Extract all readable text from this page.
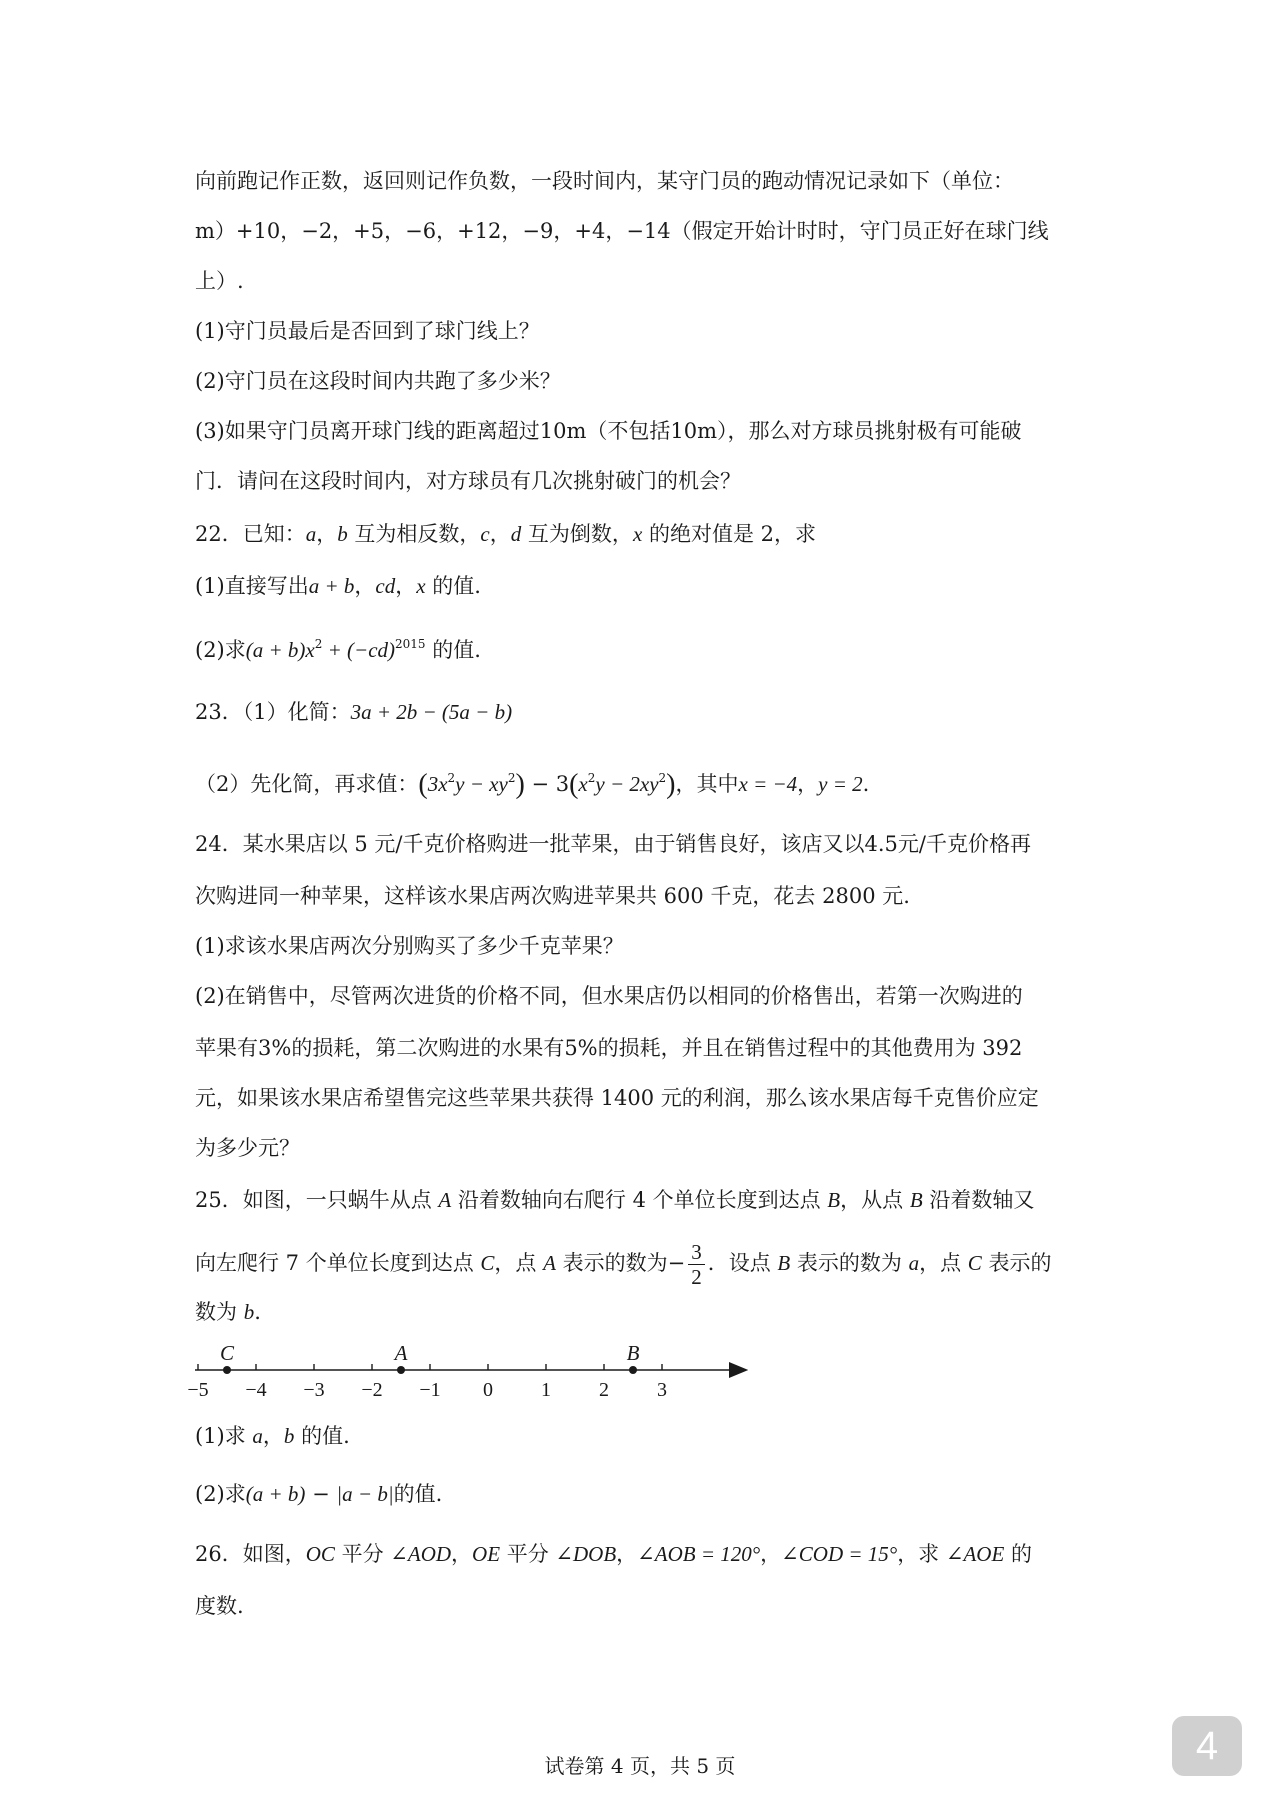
向前跑记作正数，返回则记作负数，一段时间内，某守门员的跑动情况记录如下（单位：
m）+10，−2，+5，−6，+12，−9，+4，−14（假定开始计时时，守门员正好在球门线
上）.
(1)守门员最后是否回到了球门线上？
(2)守门员在这段时间内共跑了多少米？
(3)如果守门员离开球门线的距离超过10m（不包括10m），那么对方球员挑射极有可能破
门．请问在这段时间内，对方球员有几次挑射破门的机会？
22．已知：a，b 互为相反数，c，d 互为倒数，x 的绝对值是 2，求
(1)直接写出a + b，cd，x 的值.
(2)求$(a + b)x^2 + (-cd)^{2015}$ 的值.
23．（1）化简：3a + 2b − (5a − b)
（2）先化简，再求值：$(3x^2y - xy^2) - 3(x^2y - 2xy^2)$，其中x = −4，y = 2.
24．某水果店以 5 元/千克价格购进一批苹果，由于销售良好，该店又以4.5元/千克价格再
次购进同一种苹果，这样该水果店两次购进苹果共 600 千克，花去 2800 元.
(1)求该水果店两次分别购买了多少千克苹果？
(2)在销售中，尽管两次进货的价格不同，但水果店仍以相同的价格售出，若第一次购进的
苹果有3%的损耗，第二次购进的水果有5%的损耗，并且在销售过程中的其他费用为 392
元，如果该水果店希望售完这些苹果共获得 1400 元的利润，那么该水果店每千克售价应定
为多少元？
25．如图，一只蜗牛从点 A 沿着数轴向右爬行 4 个单位长度到达点 B，从点 B 沿着数轴又
向左爬行 7 个单位长度到达点 C，点 A 表示的数为− $\frac{3}{2}$ ．设点 B 表示的数为 a，点 C 表示的
数为 b.
−5 −4 −3 −2 −1 0 1 2 3
C	A	B
(1)求 a，b 的值.
(2)求(a + b) − |a − b|的值.
26．如图，OC 平分 ∠AOD，OE 平分 ∠DOB，∠AOB = 120°，∠COD = 15°，求 ∠AOE 的
度数.
试卷第 4 页，共 5 页	4
